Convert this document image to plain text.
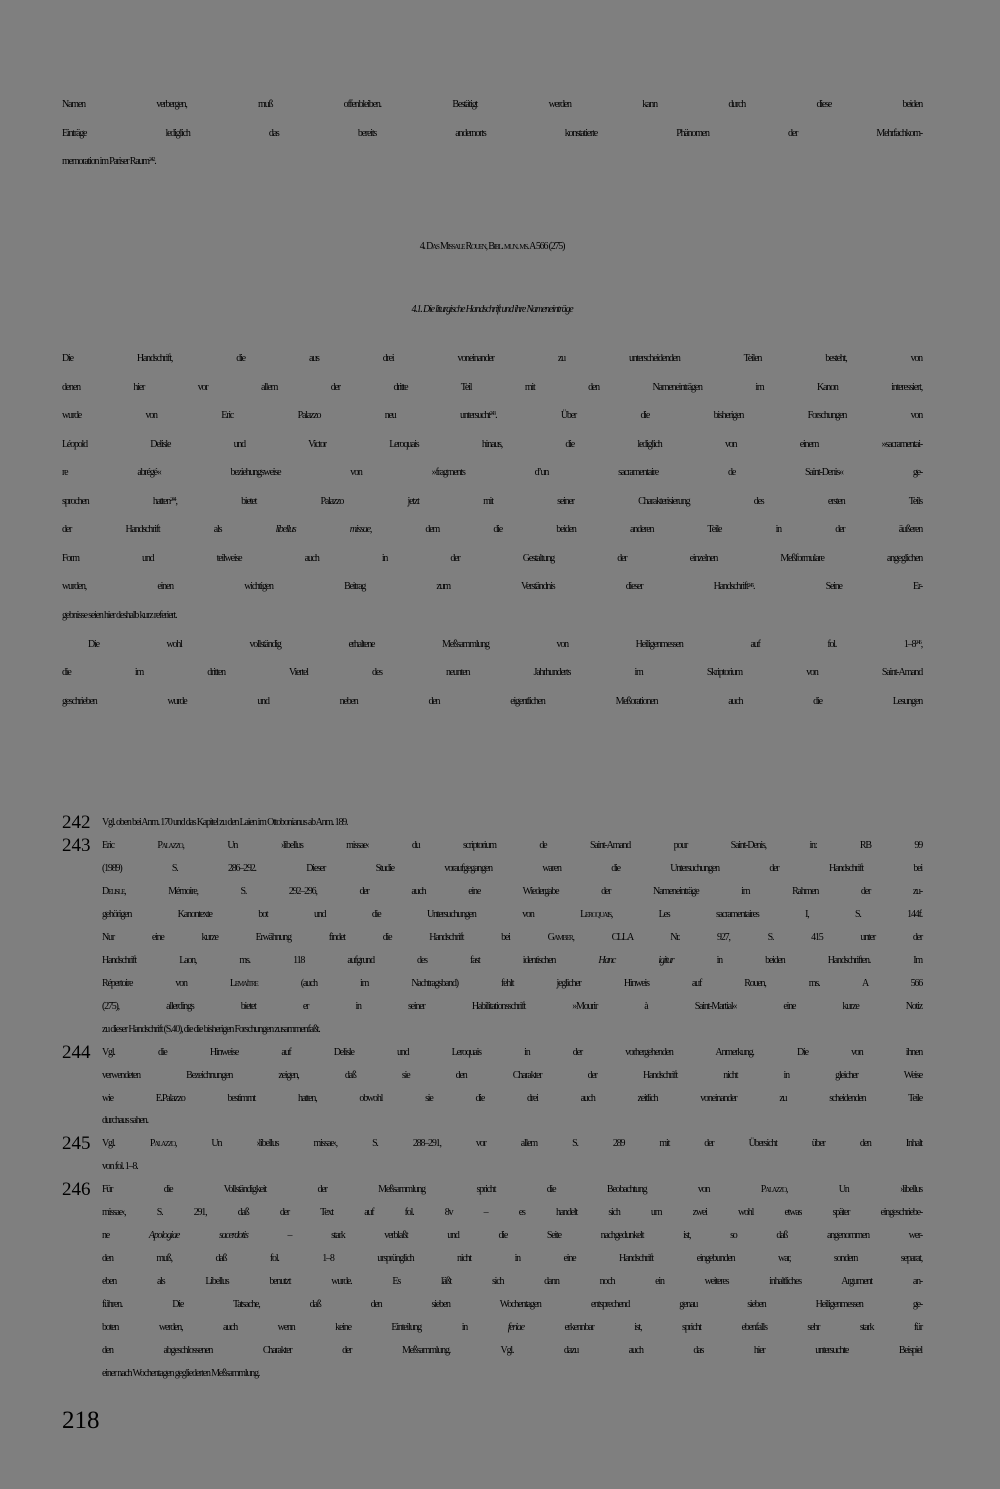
Namen verbergen, muß offenbleiben. Bestätigt werden kann durch diese beiden
Einträge lediglich das bereits andernorts konstatierte Phänomen der Mehrfachkom-
memoration im Pariser Raum$^{242}$.
4. Das Missale Rouen, Bibl. mun. ms. A 566 (275)
4.1. Die liturgische Handschrift und ihre Nameneinträge
Die Handschrift, die aus drei voneinander zu unterscheidenden Teilen besteht, von
denen hier vor allem der dritte Teil mit den Nameneinträgen im Kanon interessiert,
wurde von Eric Palazzo neu untersucht$^{243}$. Über die bisherigen Forschungen von
Léopold Delisle und Victor Leroquais hinaus, die lediglich von einem »sacramentai-
re abrégé« beziehungsweise von »fragments d’un sacramentaire de Saint-Denis« ge-
sprochen hatten$^{244}$, bietet Palazzo jetzt mit seiner Charakterisierung des ersten Teils
der Handschrift als libellus missae, dem die beiden anderen Teile in der äußeren
Form und teilweise auch in der Gestaltung der einzelnen Meßformulare angeglichen
wurden, einen wichtigen Beitrag zum Verständnis dieser Handschrift$^{245}$. Seine Er-
gebnisse seien hier deshalb kurz referiert.
Die wohl vollständig erhaltene Meßsammlung von Heiligenmessen auf fol. $1-8^{246}$,
die im dritten Viertel des neunten Jahrhunderts im Skriptorium von Saint-Amand
geschrieben wurde und neben den eigentlichen Meßorationen auch die Lesungen
242 Vgl. oben bei Anm. 170 und das Kapitel zu den Laien im Ottobonianus ab Anm. 189.
243 Eric Palazzo, Un ›libellus missae‹ du scriptorium de Saint-Amand pour Saint-Denis, in: RB 99
(1989) S. 286–292. Dieser Studie voraufgegangen waren die Untersuchungen der Handschrift bei
Delisle, Mémoire, S. 292–296, der auch eine Wiedergabe der Nameneinträge im Rahmen der zu-
gehörigen Kanontexte bot und die Untersuchungen von Leroquais, Les sacramentaires I, S. 144f.
Nur eine kurze Erwähnung findet die Handschrift bei Gamber, CLLA Nr. 927, S. 415 unter der
Handschrift Laon, ms. 118 aufgrund des fast identischen Hanc igitur in beiden Handschriften. Im
Répertoire von Lemaître (auch im Nachtragsband) fehlt jeglicher Hinweis auf Rouen, ms. A 566
(275), allerdings bietet er in seiner Habilitationsschrift »Mourir à Saint-Martial« eine kurze Notiz
zu dieser Handschrift (S.40), die die bisherigen Forschungen zusammenfaßt.
244 Vgl. die Hinweise auf Delisle und Leroquais in der vorhergehenden Anmerkung. Die von ihnen
verwendeten Bezeichnungen zeigen, daß sie den Charakter der Handschrift nicht in gleicher Weise
wie E.Palazzo bestimmt hatten, obwohl sie die drei auch zeitlich voneinander zu scheidenden Teile
durchaus sahen.
245 Vgl. Palazzo, Un ›libellus missae‹, S. 288–291, vor allem S. 289 mit der Übersicht über den Inhalt
von fol. 1–8.
246 Für die Vollständigkeit der Meßsammlung spricht die Beobachtung von Palazzo, Un ›libellus
missae‹, S. 291, daß der Text auf fol. 8v – es handelt sich um zwei wohl etwas später eingeschriebe-
ne Apologiae sacerdotis – stark verblaßt und die Seite nachgedunkelt ist, so daß angenommen wer-
den muß, daß fol. 1–8 ursprünglich nicht in eine Handschrift eingebunden war, sondern separat,
eben als Libellus benutzt wurde. Es läßt sich dann noch ein weiteres inhaltliches Argument an-
führen. Die Tatsache, daß den sieben Wochentagen entsprechend genau sieben Heiligenmessen ge-
boten werden, auch wenn keine Einteilung in feriae erkennbar ist, spricht ebenfalls sehr stark für
den abgeschlossenen Charakter der Meßsammlung. Vgl. dazu auch das hier untersuchte Beispiel
einer nach Wochentagen gegliederten Meßsammlung.
218
